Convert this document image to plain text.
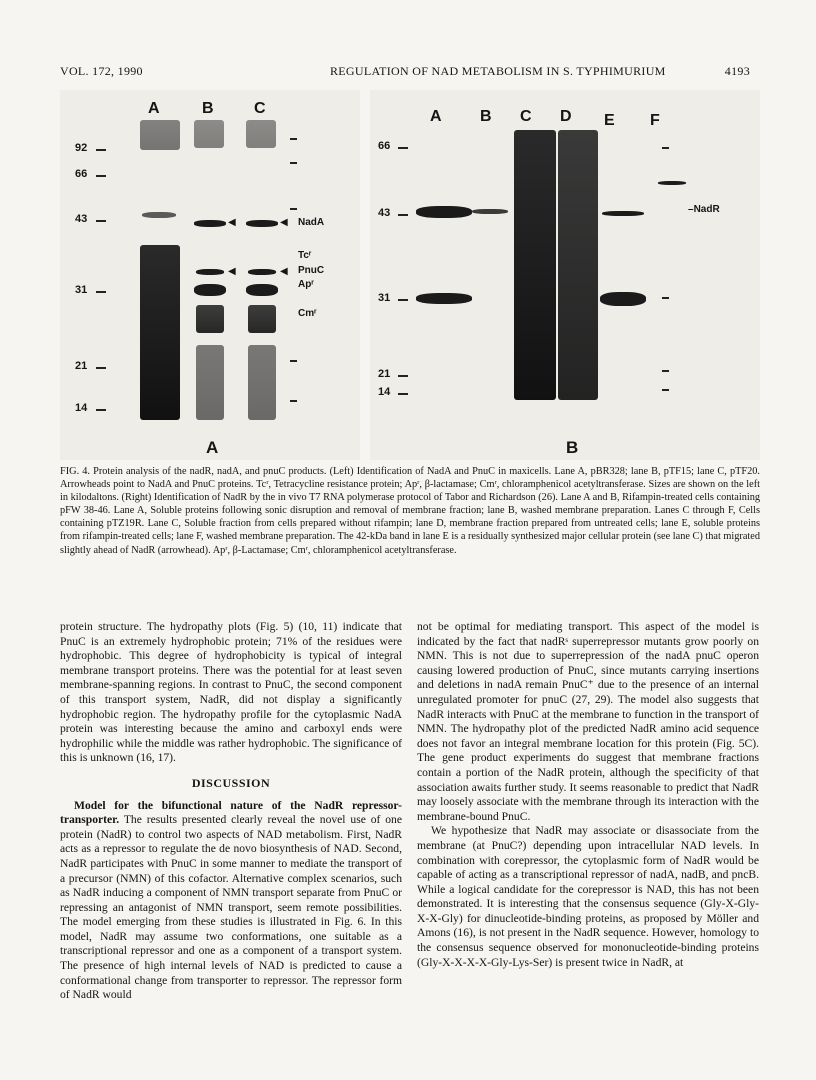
VOL. 172, 1990	REGULATION OF NAD METABOLISM IN S. TYPHIMURIUM	4193
A	B	C
92
66
43
31
21
14
◀	◀
◀	◀
NadA
Tcʳ
PnuC
Apʳ
Cmʳ
A
A B C D E F
66
43
31
21
14
–NadR
B
FIG. 4. Protein analysis of the nadR, nadA, and pnuC products. (Left) Identification of NadA and PnuC in maxicells. Lane A, pBR328; lane B, pTF15; lane C, pTF20. Arrowheads point to NadA and PnuC proteins. Tcʳ, Tetracycline resistance protein; Apʳ, β-lactamase; Cmʳ, chloramphenicol acetyltransferase. Sizes are shown on the left in kilodaltons. (Right) Identification of NadR by the in vivo T7 RNA polymerase protocol of Tabor and Richardson (26). Lane A and B, Rifampin-treated cells containing pFW 38-46. Lane A, Soluble proteins following sonic disruption and removal of membrane fraction; lane B, washed membrane preparation. Lanes C through F, Cells containing pTZ19R. Lane C, Soluble fraction from cells prepared without rifampin; lane D, membrane fraction prepared from untreated cells; lane E, soluble proteins from rifampin-treated cells; lane F, washed membrane preparation. The 42-kDa band in lane E is a residually synthesized major cellular protein (see lane C) that migrated slightly ahead of NadR (arrowhead). Apʳ, β-Lactamase; Cmʳ, chloramphenicol acetyltransferase.

protein structure. The hydropathy plots (Fig. 5) (10, 11) indicate that PnuC is an extremely hydrophobic protein; 71% of the residues were hydrophobic. This degree of hydrophobicity is typical of integral membrane transport proteins. There was the potential for at least seven membrane-spanning regions. In contrast to PnuC, the second component of this transport system, NadR, did not display a significantly hydrophobic region. The hydropathy profile for the cytoplasmic NadA protein was interesting because the amino and carboxyl ends were hydrophilic while the middle was rather hydrophobic. The significance of this is unknown (16, 17).

DISCUSSION

Model for the bifunctional nature of the NadR repressor-transporter. The results presented clearly reveal the novel use of one protein (NadR) to control two aspects of NAD metabolism. First, NadR acts as a repressor to regulate the de novo biosynthesis of NAD. Second, NadR participates with PnuC in some manner to mediate the transport of a precursor (NMN) of this cofactor. Alternative complex scenarios, such as NadR inducing a component of NMN transport separate from PnuC or repressing an antagonist of NMN transport, seem remote possibilities. The model emerging from these studies is illustrated in Fig. 6. In this model, NadR may assume two conformations, one suitable as a transcriptional repressor and one as a component of a transport system. The presence of high internal levels of NAD is predicted to cause a conformational change from transporter to repressor. The repressor form of NadR would

not be optimal for mediating transport. This aspect of the model is indicated by the fact that nadRˢ superrepressor mutants grow poorly on NMN. This is not due to superrepression of the nadA pnuC operon causing lowered production of PnuC, since mutants carrying insertions and deletions in nadA remain PnuC⁺ due to the presence of an internal unregulated promoter for pnuC (27, 29). The model also suggests that NadR interacts with PnuC at the membrane to function in the transport of NMN. The hydropathy plot of the predicted NadR amino acid sequence does not favor an integral membrane location for this protein (Fig. 5C). The gene product experiments do suggest that membrane fractions contain a portion of the NadR protein, although the specificity of that association awaits further study. It seems reasonable to predict that NadR may loosely associate with the membrane through its interaction with the membrane-bound PnuC.

We hypothesize that NadR may associate or disassociate from the membrane (at PnuC?) depending upon intracellular NAD levels. In combination with corepressor, the cytoplasmic form of NadR would be capable of acting as a transcriptional repressor of nadA, nadB, and pncB. While a logical candidate for the corepressor is NAD, this has not been demonstrated. It is interesting that the consensus sequence (Gly-X-Gly-X-X-Gly) for dinucleotide-binding proteins, as proposed by Möller and Amons (16), is not present in the NadR sequence. However, homology to the consensus sequence observed for mononucleotide-binding proteins (Gly-X-X-X-X-Gly-Lys-Ser) is present twice in NadR, at
